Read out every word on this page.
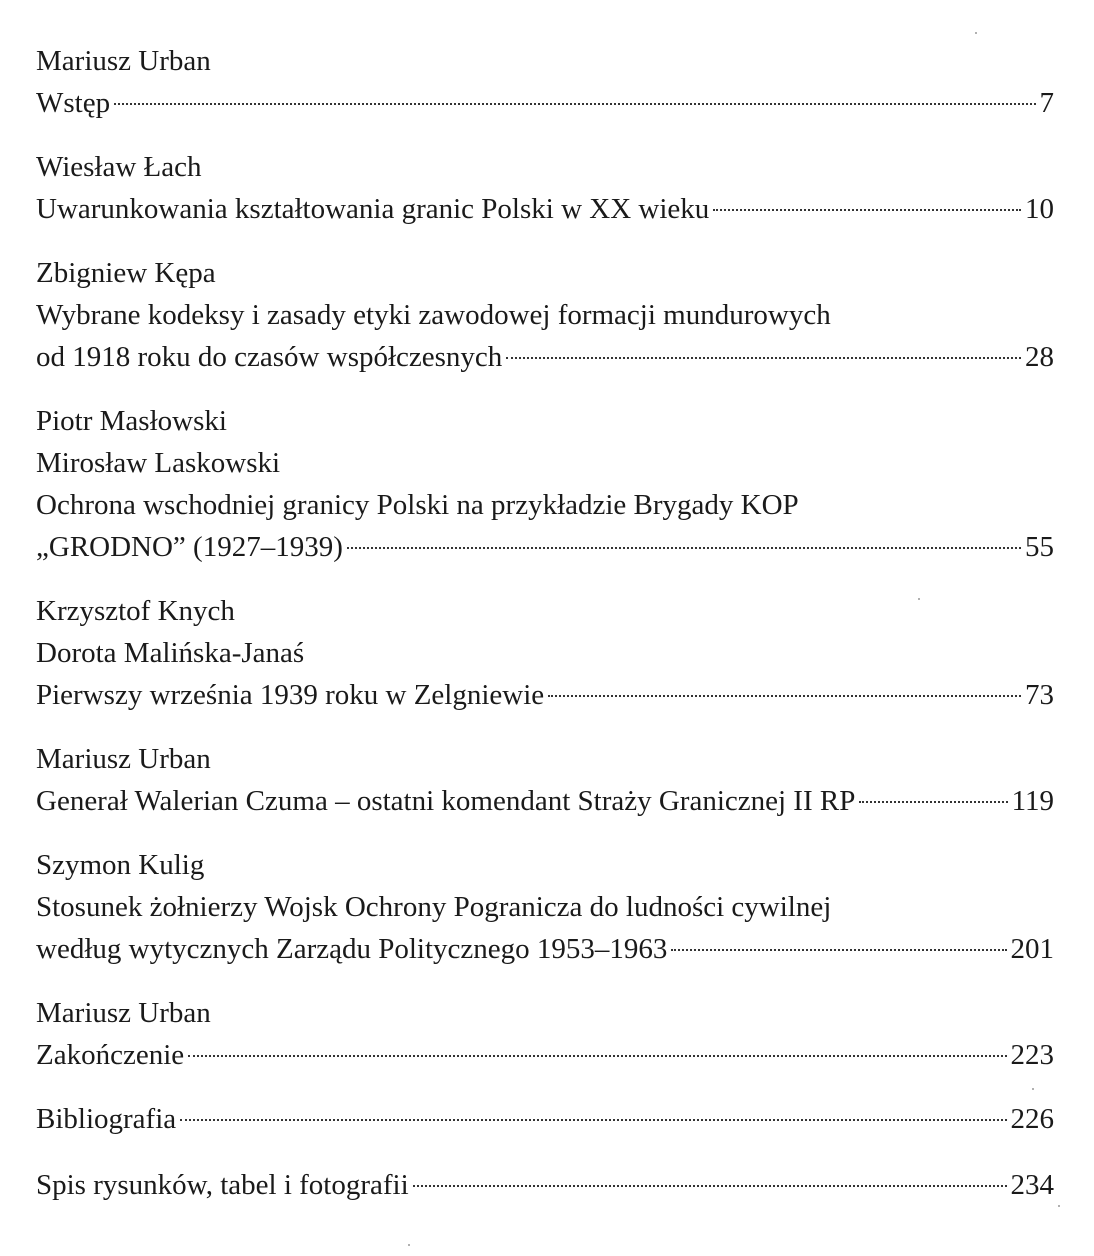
Mariusz Urban
Wstęp	7
Wiesław Łach
Uwarunkowania kształtowania granic Polski w XX wieku	10
Zbigniew Kępa
Wybrane kodeksy i zasady etyki zawodowej formacji mundurowych
od 1918 roku do czasów współczesnych	28
Piotr Masłowski
Mirosław Laskowski
Ochrona wschodniej granicy Polski na przykładzie Brygady KOP
„GRODNO” (1927–1939)	55
Krzysztof Knych
Dorota Malińska-Janaś
Pierwszy września 1939 roku w Zelgniewie	73
Mariusz Urban
Generał Walerian Czuma – ostatni komendant Straży Granicznej II RP	119
Szymon Kulig
Stosunek żołnierzy Wojsk Ochrony Pogranicza do ludności cywilnej
według wytycznych Zarządu Politycznego 1953–1963	201
Mariusz Urban
Zakończenie	223
Bibliografia	226
Spis rysunków, tabel i fotografii	234
